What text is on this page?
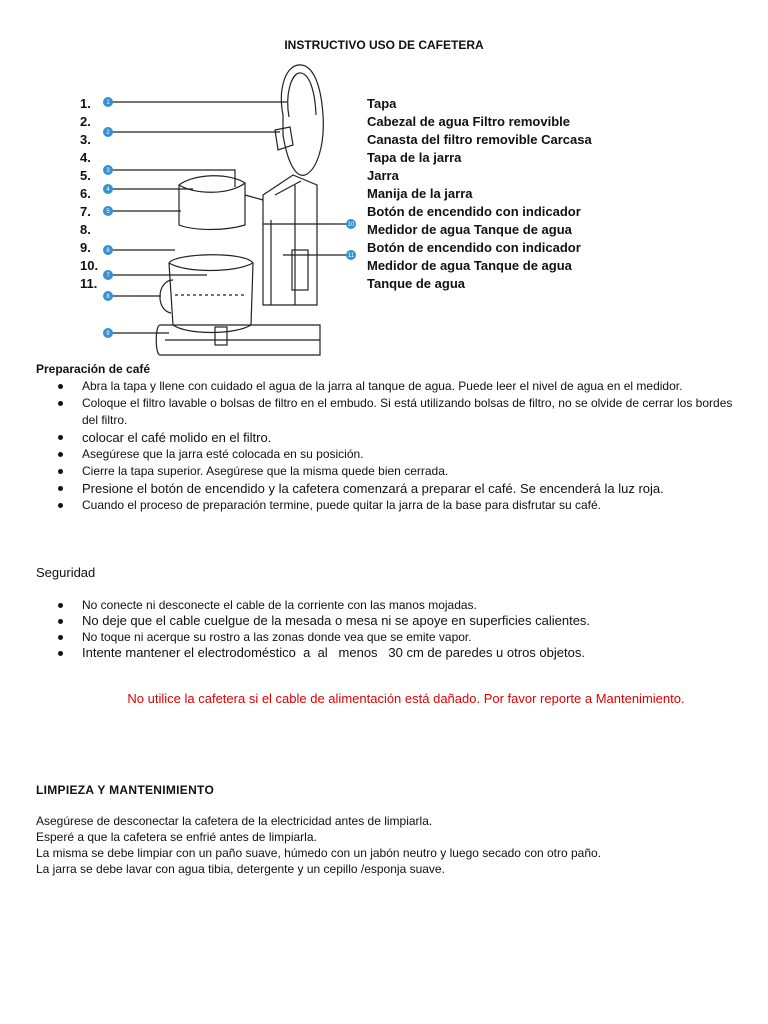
INSTRUCTIVO USO DE CAFETERA
1.
2.
3.
4.
5.
6.
7.
8.
9.
10.
11.
1
2
3
4
5
6
7
8
9
10
11
Tapa
Cabezal de agua Filtro removible
Canasta del filtro removible Carcasa
Tapa de la jarra
Jarra
Manija de la jarra
Botón de encendido con indicador
Medidor de agua Tanque de agua
Botón de encendido con indicador
Medidor de agua Tanque de agua
Tanque de agua
Preparación de café
Abra la tapa y llene con cuidado el agua de la jarra al tanque de agua. Puede leer el nivel de agua en el medidor.
Coloque el filtro lavable o bolsas de filtro en el embudo. Si está utilizando bolsas de filtro, no se olvide de cerrar los bordes del filtro.
colocar el café molido en el filtro.
Asegúrese que la jarra esté colocada en su posición.
Cierre la tapa superior. Asegúrese que la misma quede bien cerrada.
Presione el botón de encendido y la cafetera comenzará a preparar el café. Se encenderá la luz roja.
Cuando el proceso de preparación termine, puede quitar la jarra de la base para disfrutar su café.
Seguridad
No conecte ni desconecte el cable de la corriente con las manos mojadas.
No deje que el cable cuelgue de la mesada o mesa ni se apoye en superficies calientes.
No toque ni acerque su rostro a las zonas donde vea que se emite vapor.
Intente mantener el electrodoméstico  a  al   menos   30 cm de paredes u otros objetos.
No utilice la cafetera si el cable de alimentación está dañado. Por favor reporte a Mantenimiento.
LIMPIEZA Y MANTENIMIENTO
Asegúrese de desconectar la cafetera de la electricidad antes de limpiarla.
Esperé a que la cafetera se enfrié antes de limpiarla.
La misma se debe limpiar con un paño suave, húmedo con un jabón neutro y luego secado con otro paño.
La jarra se debe lavar con agua tibia, detergente y un cepillo /esponja suave.
